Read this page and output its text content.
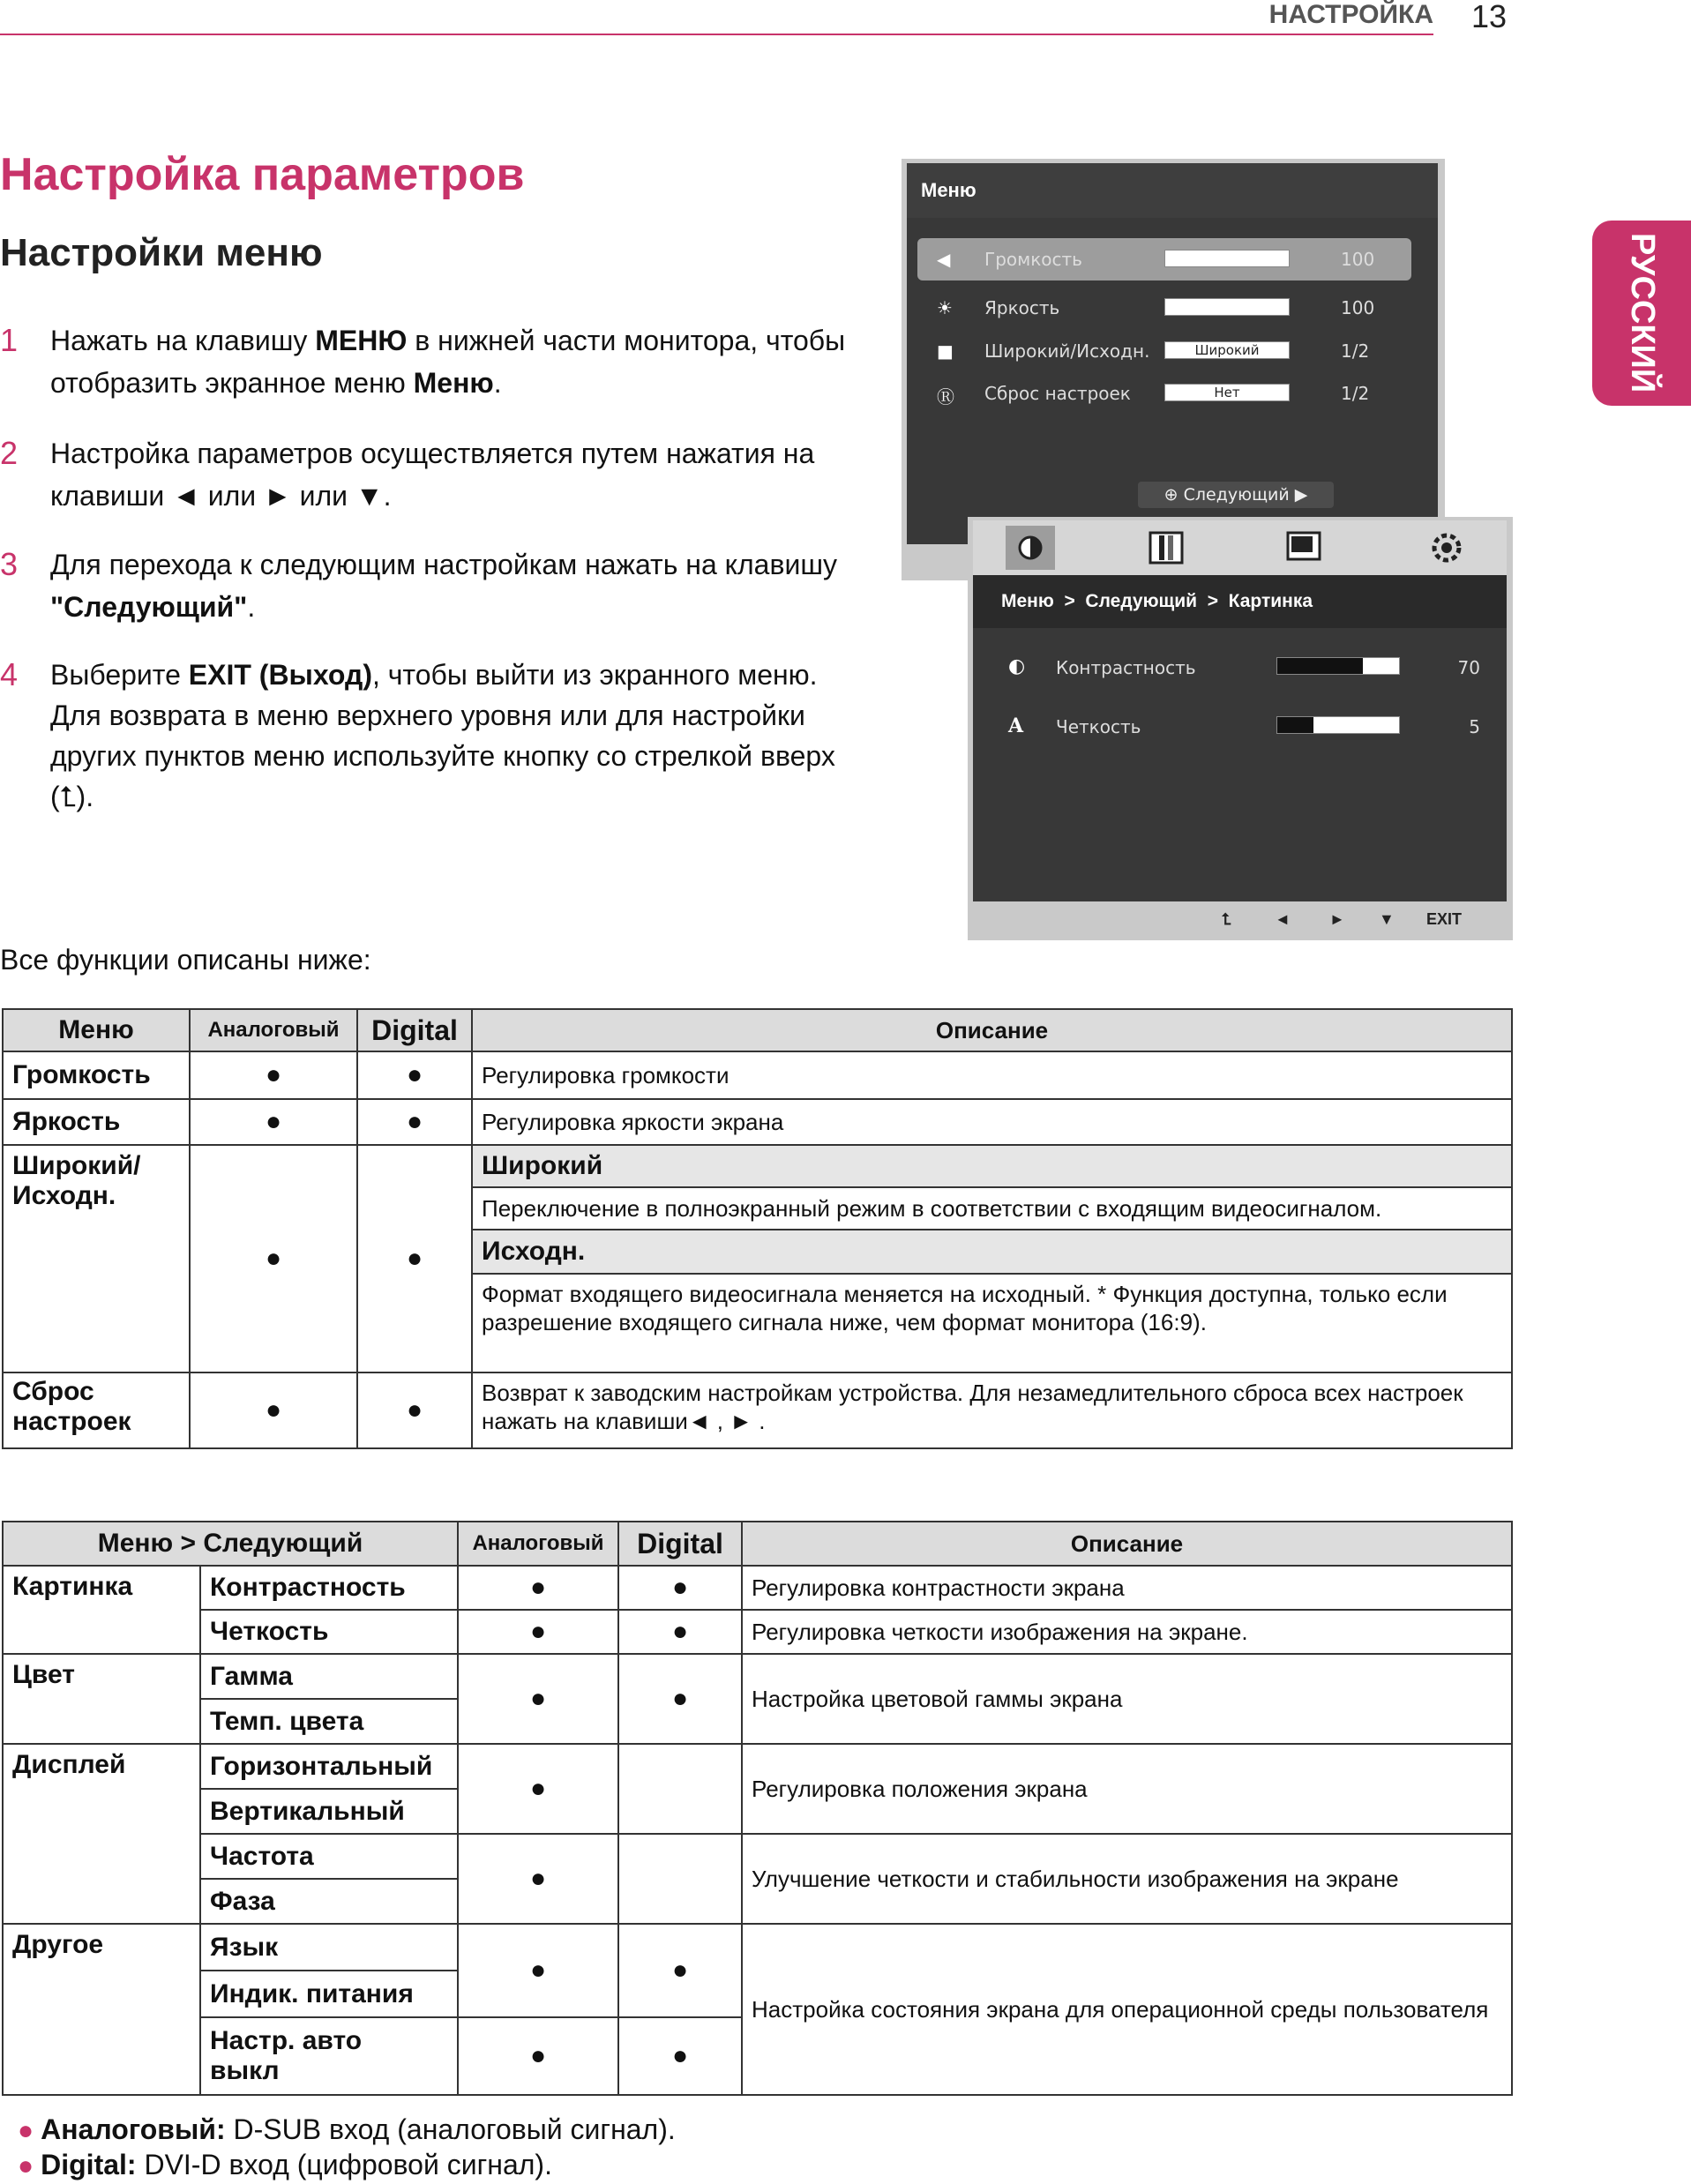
НАСТРОЙКА 13
РУССКИЙ
Настройка параметров
Настройки меню
1 Нажать на клавишу МЕНЮ в нижней части монитора, чтобы отобразить экранное меню Меню.
2 Настройка параметров осуществляется путем нажатия на клавиши ◄ или ► или ▼.
3 Для перехода к следующим настройкам нажать на клавишу "Следующий".
4 Выберите EXIT (Выход), чтобы выйти из экранного меню.
Для возврата в меню верхнего уровня или для настройки других пунктов меню используйте кнопку со стрелкой вверх (⮤).
Меню
◀ Громкость	100
☀ Яркость	100
■ Широкий/Исходн.	Широкий	1/2
Ⓡ Сброс настроек	Нет	1/2
⊕ Следующий ▶
Меню > Следующий > Картинка
◐ Контрастность	70
A Четкость	5
⮤	◄ ► ▼ EXIT
Все функции описаны ниже:
Меню	Аналоговый	Digital	Описание
Громкость	●	●	Регулировка громкости
Яркость	●	●	Регулировка яркости экрана
Широкий/ Исходн.	●	●	Широкий
			Переключение в полноэкранный режим в соответствии с входящим видеосигналом.
			Исходн.
			Формат входящего видеосигнала меняется на исходный. * Функция доступна, только если разрешение входящего сигнала ниже, чем формат монитора (16:9).
Сброс настроек	●	●	Возврат к заводским настройкам устройства. Для незамедлительного сброса всех настроек нажать на клавиши◄ , ► .
Меню > Следующий		Аналоговый	Digital	Описание
Картинка	Контрастность	●	●	Регулировка контрастности экрана
	Четкость	●	●	Регулировка четкости изображения на экране.
Цвет	Гамма	●	●	Настройка цветовой гаммы экрана
	Темп. цвета			
Дисплей	Горизонтальный	●		Регулировка положения экрана
	Вертикальный			
	Частота	●		Улучшение четкости и стабильности изображения на экране
	Фаза			
Другое	Язык	●	●	Настройка состояния экрана для операционной среды пользователя
	Индик. питания			
	Настр. авто выкл	●	●	
● Аналоговый: D-SUB вход (аналоговый сигнал).
● Digital: DVI-D вход (цифровой сигнал).
